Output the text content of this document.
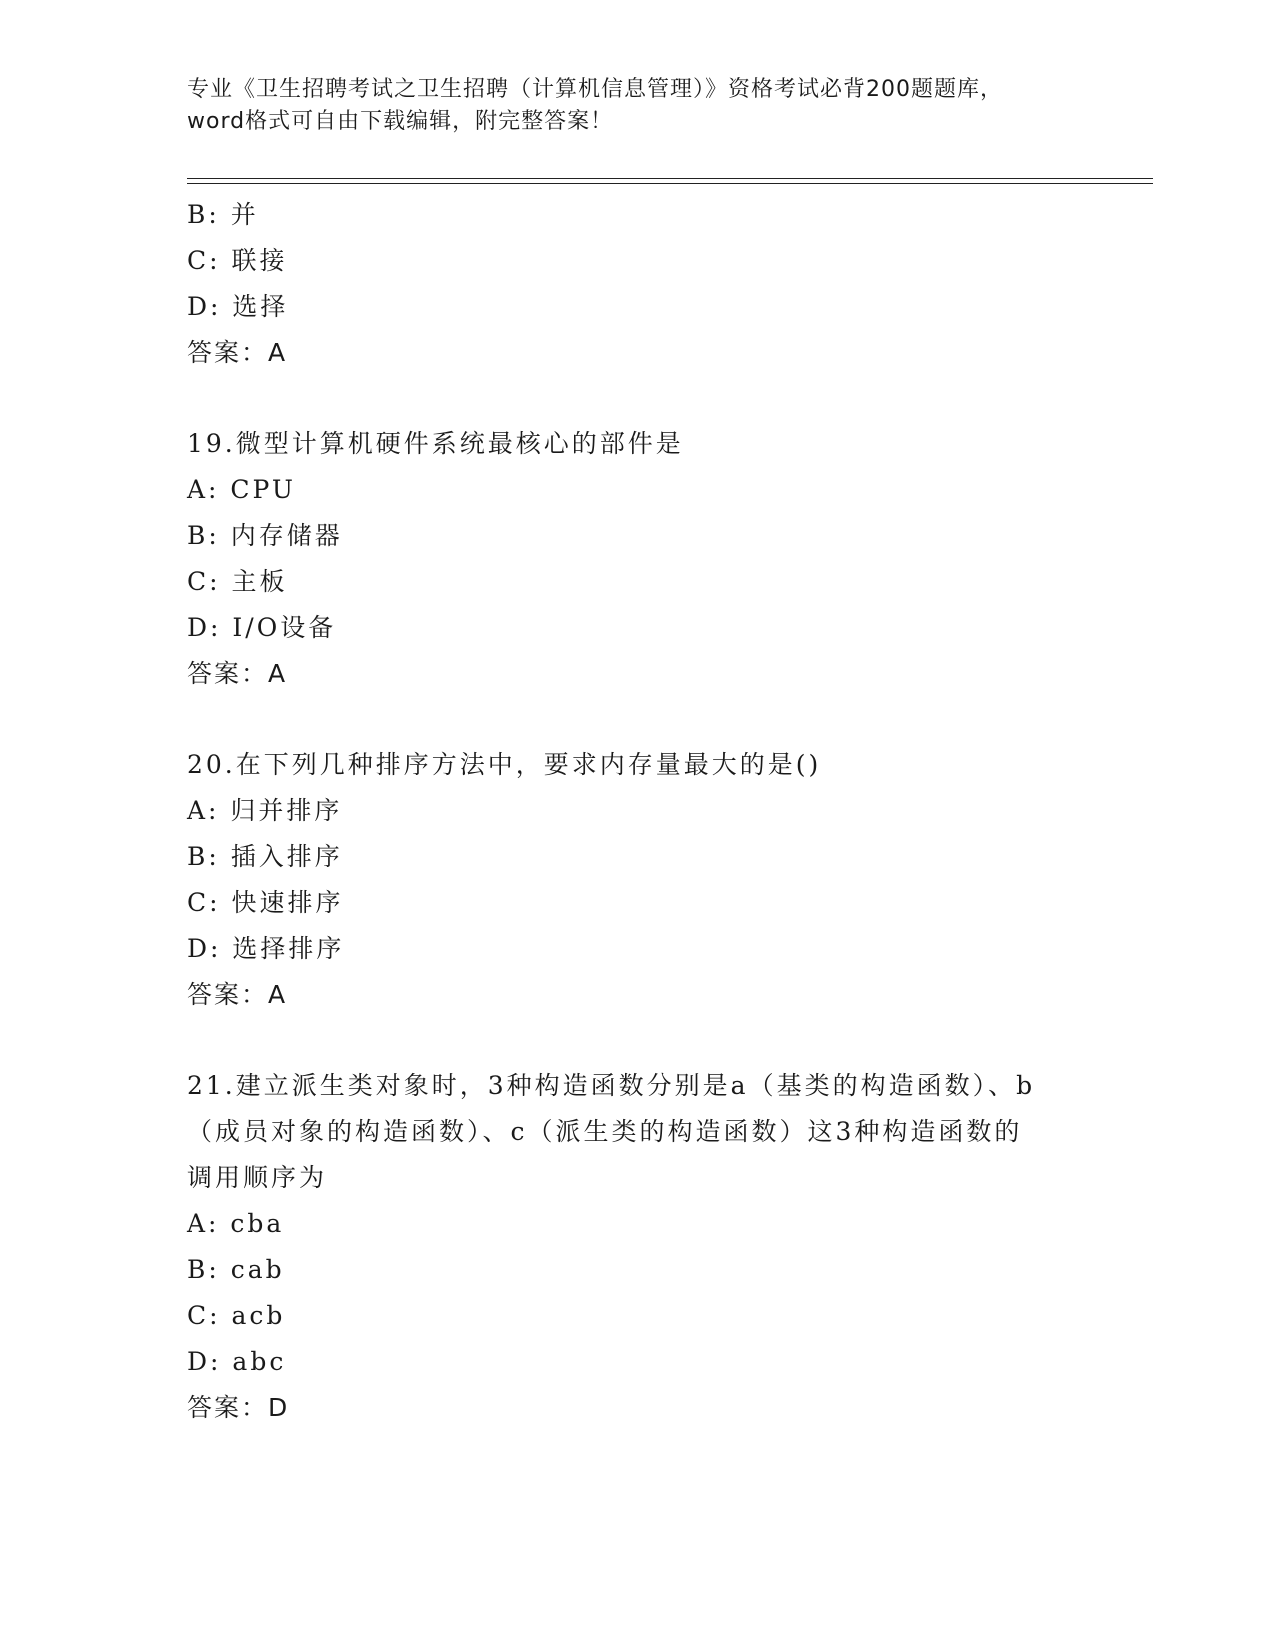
专业《卫生招聘考试之卫生招聘（计算机信息管理）》资格考试必背200题题库，
word格式可自由下载编辑，附完整答案！
B: 并
C: 联接
D: 选择
答案：A
19.微型计算机硬件系统最核心的部件是
A: CPU
B: 内存储器
C: 主板
D: I/O设备
答案：A
20.在下列几种排序方法中，要求内存量最大的是()
A: 归并排序
B: 插入排序
C: 快速排序
D: 选择排序
答案：A
21.建立派生类对象时，3种构造函数分别是a（基类的构造函数）、b
（成员对象的构造函数）、c（派生类的构造函数）这3种构造函数的
调用顺序为
A: cba
B: cab
C: acb
D: abc
答案：D
